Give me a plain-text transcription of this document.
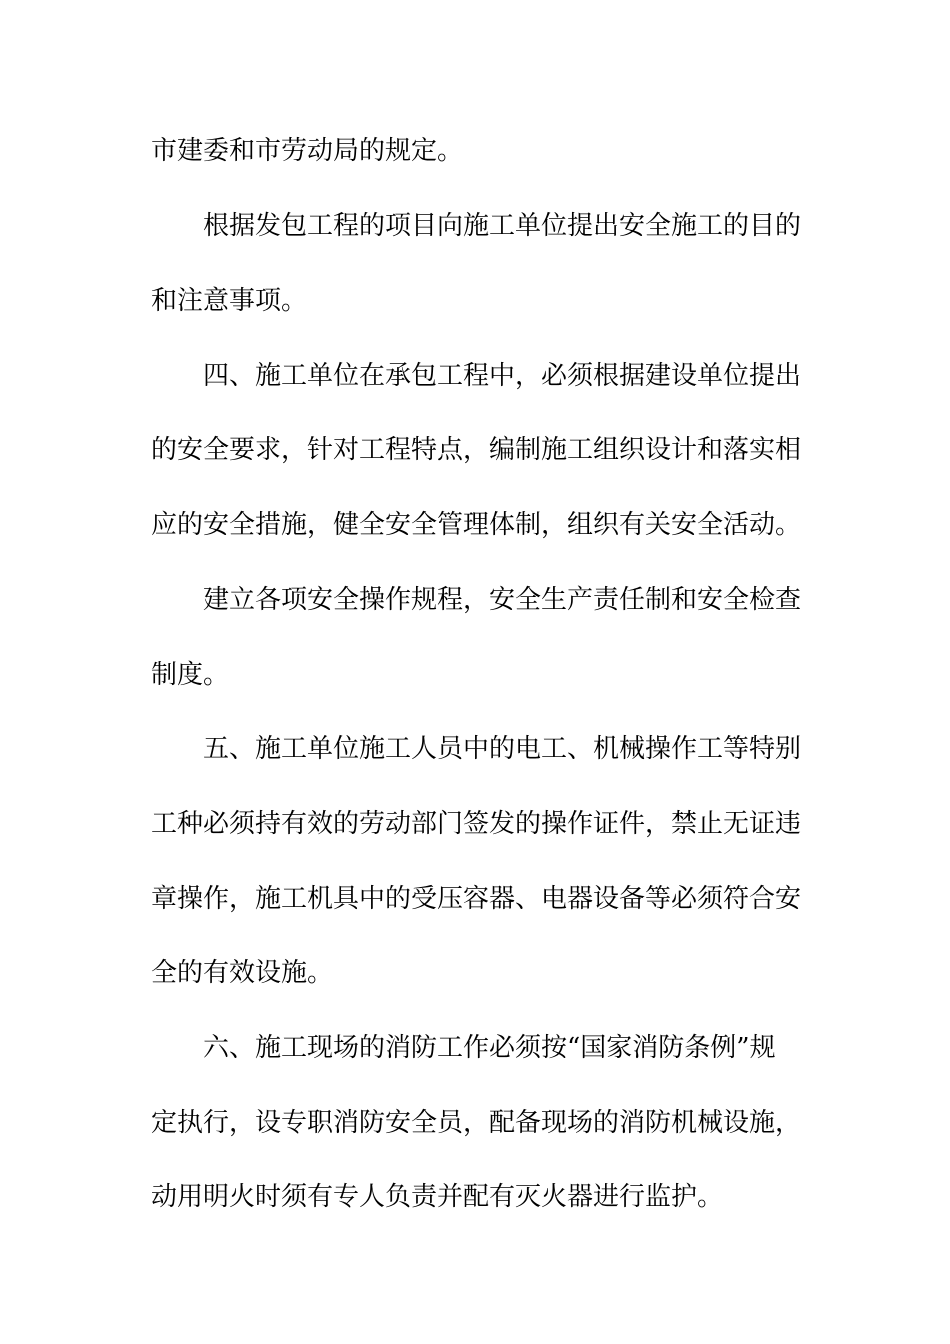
市建委和市劳动局的规定。
根据发包工程的项目向施工单位提出安全施工的目的
和注意事项。
四、施工单位在承包工程中，必须根据建设单位提出
的安全要求，针对工程特点，编制施工组织设计和落实相
应的安全措施，健全安全管理体制，组织有关安全活动。
建立各项安全操作规程，安全生产责任制和安全检查
制度。
五、施工单位施工人员中的电工、机械操作工等特别
工种必须持有效的劳动部门签发的操作证件，禁止无证违
章操作，施工机具中的受压容器、电器设备等必须符合安
全的有效设施。
六、施工现场的消防工作必须按“国家消防条例”规
定执行，设专职消防安全员，配备现场的消防机械设施，
动用明火时须有专人负责并配有灭火器进行监护。
